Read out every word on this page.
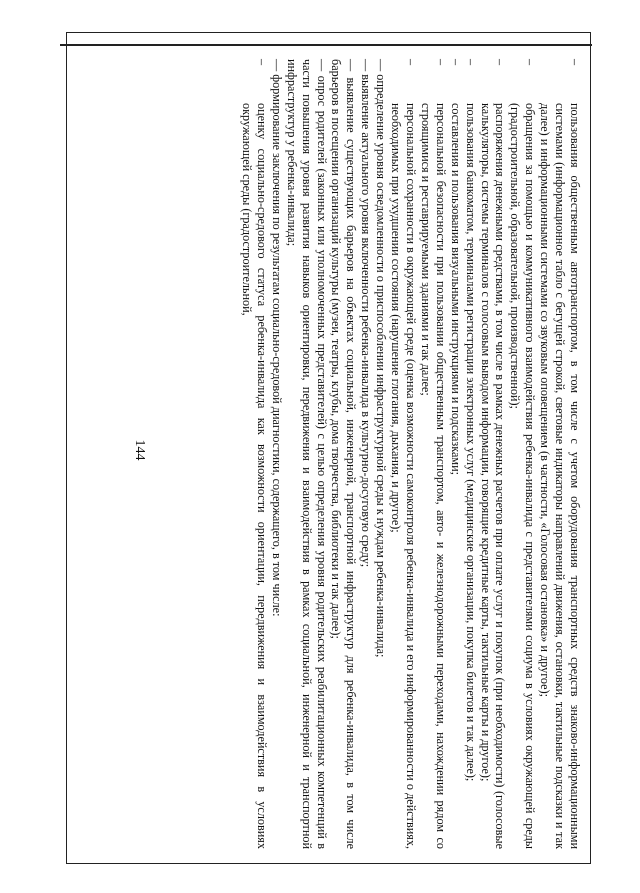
144
–

пользования общественным автотранспортом, в том числе с учетом оборудования транспортных средств знаково-информационными системами (информационное табло с бегущей строкой, световые индикаторы направлений движения, остановки, тактильные подсказки и так далее) и информационными системами со звуковым оповещением (в частности, «Голосовая остановка» и другое);

–

обращения за помощью и коммуникативного взаимодействия ребенка-инвалида с представителями социума в условиях окружающей среды (градостроительной, образовательной, производственной);

–

распоряжения денежными средствами, в том числе в рамках денежных расчетов при оплате услуг и покупок (при необходимости) (голосовые калькуляторы, системы терминалов с голосовым выводом информации, говорящие кредитные карты, тактильные карты и другое);

–

пользования банкоматом, терминалами регистрации электронных услуг (медицинские организации, покупка билетов и так далее);

–

составления и пользования визуальными инструкциями и подсказками;

–

персональной безопасности при пользовании общественным транспортом, авто- и железнодорожными переходами, нахождении рядом со строящимися и реставрируемыми зданиями и так далее;

–

персональной сохранности в окружающей среде (оценка возможности самоконтроля ребенка-инвалида и его информированности о действиях, необходимых при ухудшении состояния (нарушение глотания, дыхания, и другое);

— определение уровня осведомленности о приспособлении инфраструктурной среды к нуждам ребенка-инвалида;

— выявление актуального уровня включенности ребенка-инвалида в культурно-досуговую среду;

— выявление существующих барьеров на объектах социальной, инженерной, транспортной инфраструктур для ребенка-инвалида, в том числе барьеров в посещении организаций культуры (музеи, театры, клубы, дома творчества, библиотеки и так далее);

— опрос родителей (законных или уполномоченных представителей) с целью определения уровня родительских реабилитационных компетенций в части повышения уровня развития навыков ориентировки, передвижения и взаимодействия в рамках социальной, инженерной и транспортной инфраструктур у ребенка-инвалида;

— формирование заключения по результатам социально-средовой диагностики, содержащего, в том числе:

–

оценку социально-средового статуса ребенка-инвалида как возможности ориентации, передвижения и взаимодействия в условиях окружающей среды (градостроительной,
